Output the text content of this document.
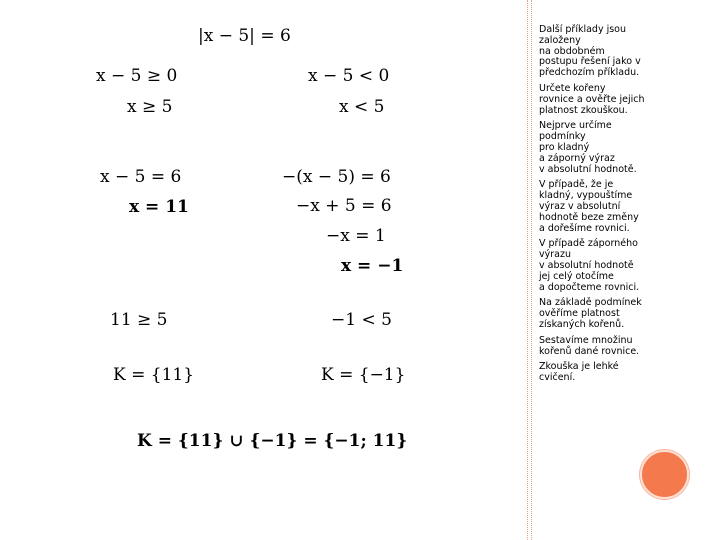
|x − 5| = 6
x − 5 ≥ 0
x ≥ 5
x − 5 < 0
x < 5
x − 5 = 6
x = 11
−(x − 5) = 6
−x + 5 = 6
−x = 1
x = −1
11 ≥ 5	−1 < 5
K = {11}	K = {−1}
K = {11} ∪ {−1} = {−1; 11}

Další příklady jsou
založeny
na obdobném
postupu řešení jako v
předchozím příkladu.

Určete kořeny
rovnice a ověřte jejich
platnost zkouškou.

Nejprve určíme
podmínky
pro kladný
a záporný výraz
v absolutní hodnotě.

V případě, že je
kladný, vypouštíme
výraz v absolutní
hodnotě beze změny
a dořešíme rovnici.

V případě záporného
výrazu
v absolutní hodnotě
jej celý otočíme
a dopočteme rovnici.

Na základě podmínek
ověříme platnost
získaných kořenů.

Sestavíme množinu
kořenů dané rovnice.

Zkouška je lehké
cvičení.
